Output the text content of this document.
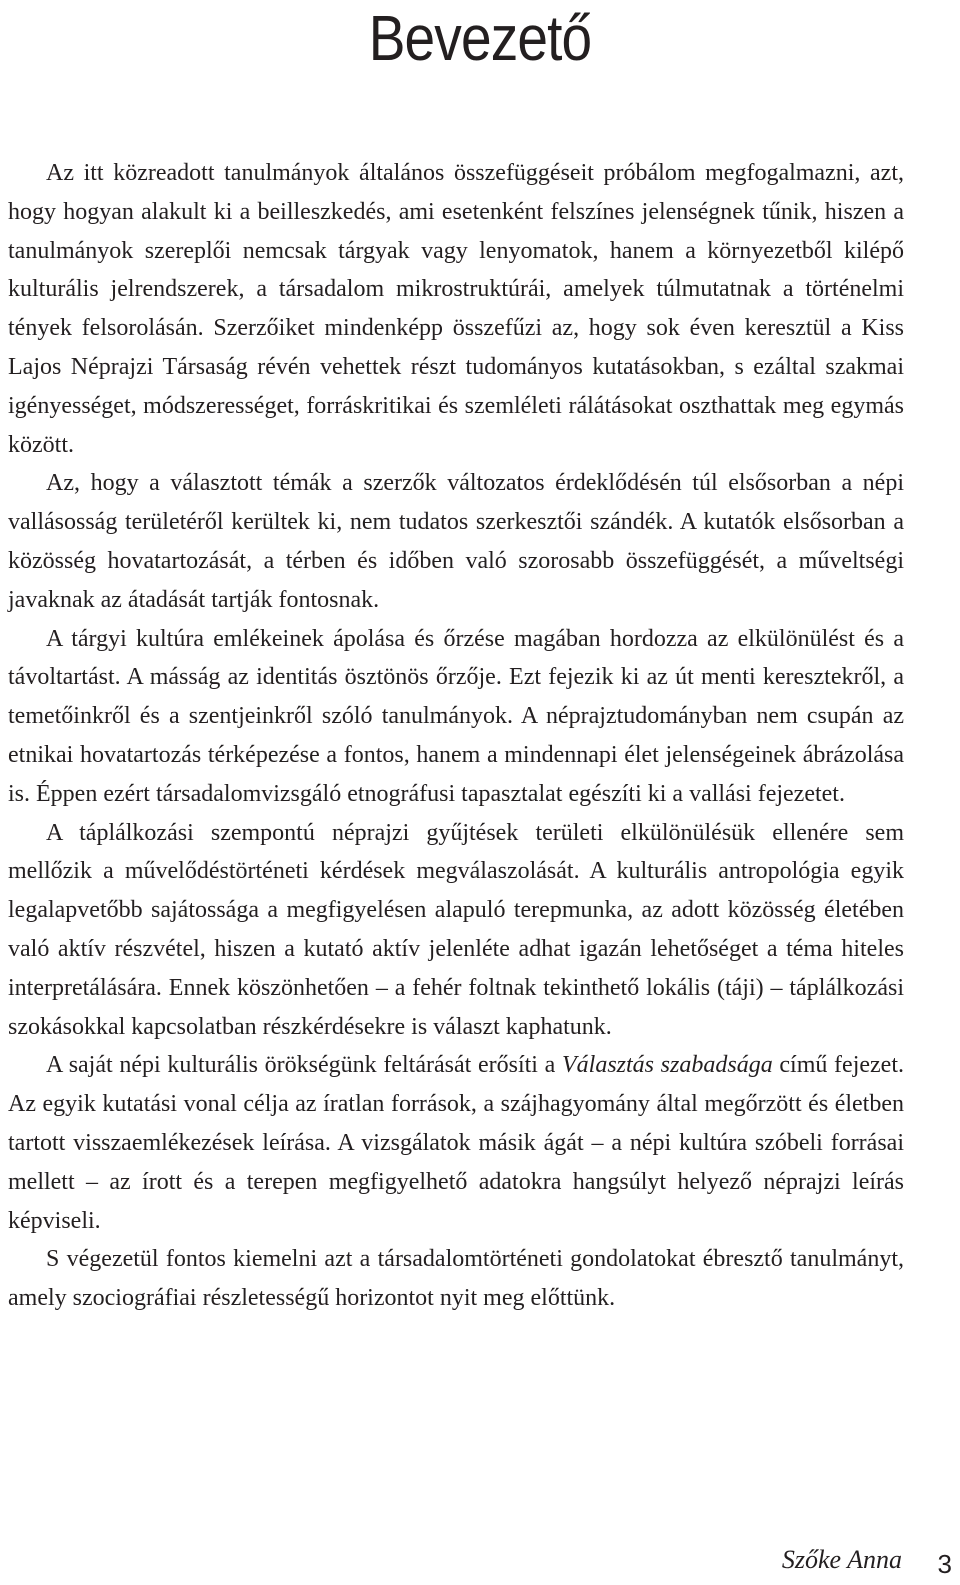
Bevezető

Az itt közreadott tanulmányok általános összefüggéseit próbálom megfogalmazni, azt, hogy hogyan alakult ki a beilleszkedés, ami esetenként felszínes jelenségnek tűnik, hiszen a tanulmányok szereplői nemcsak tárgyak vagy lenyomatok, hanem a környezetből kilépő kulturális jelrendszerek, a társadalom mikrostruktúrái, amelyek túlmutatnak a történelmi tények felsorolásán. Szerzőiket mindenképp összefűzi az, hogy sok éven keresztül a Kiss Lajos Néprajzi Társaság révén vehettek részt tudományos kutatásokban, s ezáltal szakmai igényességet, módszerességet, forráskritikai és szemléleti rálátásokat oszthattak meg egymás között.

Az, hogy a választott témák a szerzők változatos érdeklődésén túl elsősorban a népi vallásosság területéről kerültek ki, nem tudatos szerkesztői szándék. A kutatók elsősorban a közösség hovatartozását, a térben és időben való szorosabb összefüggését, a műveltségi javaknak az átadását tartják fontosnak.

A tárgyi kultúra emlékeinek ápolása és őrzése magában hordozza az elkülönülést és a távoltartást. A másság az identitás ösztönös őrzője. Ezt fejezik ki az út menti keresztekről, a temetőinkről és a szentjeinkről szóló tanulmányok. A néprajztudományban nem csupán az etnikai hovatartozás térképezése a fontos, hanem a mindennapi élet jelenségeinek ábrázolása is. Éppen ezért társadalomvizsgáló etnográfusi tapasztalat egészíti ki a vallási fejezetet.

A táplálkozási szempontú néprajzi gyűjtések területi elkülönülésük ellenére sem mellőzik a művelődéstörténeti kérdések megválaszolását. A kulturális antropológia egyik legalapvetőbb sajátossága a megfigyelésen alapuló terepmunka, az adott közösség életében való aktív részvétel, hiszen a kutató aktív jelenléte adhat igazán lehetőséget a téma hiteles interpretálására. Ennek köszönhetően – a fehér foltnak tekinthető lokális (táji) – táplálkozási szokásokkal kapcsolatban részkérdésekre is választ kaphatunk.

A saját népi kulturális örökségünk feltárását erősíti a Választás szabadsága című fejezet. Az egyik kutatási vonal célja az íratlan források, a szájhagyomány által megőrzött és életben tartott visszaemlékezések leírása. A vizsgálatok másik ágát – a népi kultúra szóbeli forrásai mellett – az írott és a terepen megfigyelhető adatokra hangsúlyt helyező néprajzi leírás képviseli.

S végezetül fontos kiemelni azt a társadalomtörténeti gondolatokat ébresztő tanulmányt, amely szociográfiai részletességű horizontot nyit meg előttünk.

Szőke Anna 3
